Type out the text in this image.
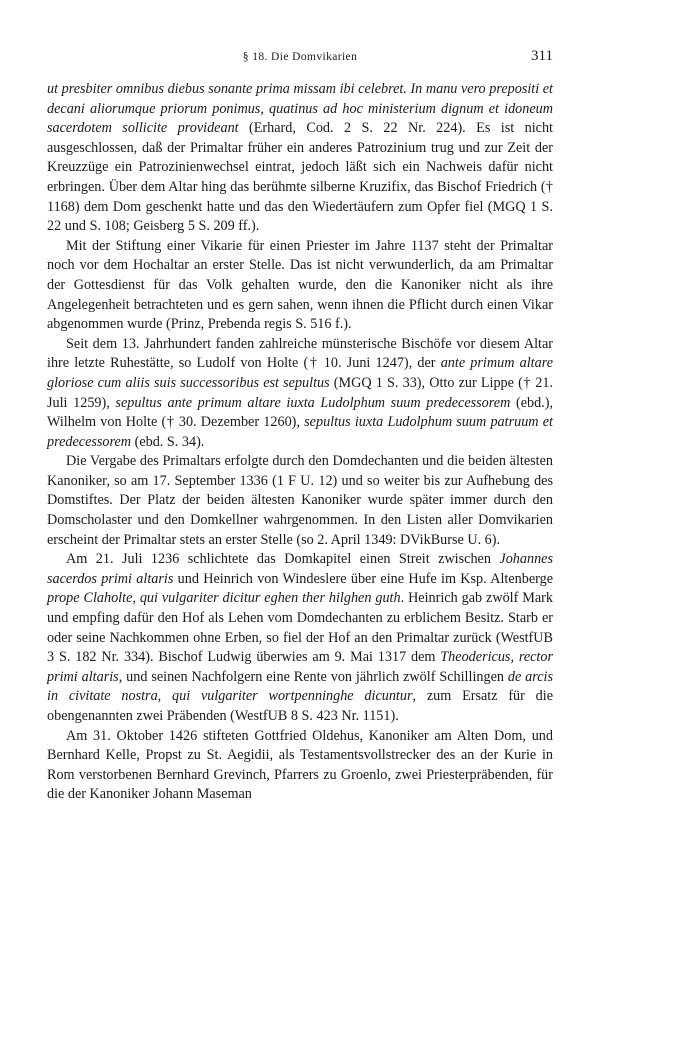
§ 18. Die Domvikarien	311

ut presbiter omnibus diebus sonante prima missam ibi celebret. In manu vero prepositi et decani aliorumque priorum ponimus, quatinus ad hoc ministerium dignum et idoneum sacerdotem sollicite provideant (Erhard, Cod. 2 S. 22 Nr. 224). Es ist nicht ausgeschlossen, daß der Primaltar früher ein anderes Patrozinium trug und zur Zeit der Kreuzzüge ein Patrozinienwechsel eintrat, jedoch läßt sich ein Nachweis dafür nicht erbringen. Über dem Altar hing das berühmte silberne Kruzifix, das Bischof Friedrich († 1168) dem Dom geschenkt hatte und das den Wiedertäufern zum Opfer fiel (MGQ 1 S. 22 und S. 108; Geisberg 5 S. 209 ff.).

Mit der Stiftung einer Vikarie für einen Priester im Jahre 1137 steht der Primaltar noch vor dem Hochaltar an erster Stelle. Das ist nicht verwunderlich, da am Primaltar der Gottesdienst für das Volk gehalten wurde, den die Kanoniker nicht als ihre Angelegenheit betrachteten und es gern sahen, wenn ihnen die Pflicht durch einen Vikar abgenommen wurde (Prinz, Prebenda regis S. 516 f.).

Seit dem 13. Jahrhundert fanden zahlreiche münsterische Bischöfe vor diesem Altar ihre letzte Ruhestätte, so Ludolf von Holte († 10. Juni 1247), der ante primum altare gloriose cum aliis suis successoribus est sepultus (MGQ 1 S. 33), Otto zur Lippe († 21. Juli 1259), sepultus ante primum altare iuxta Ludolphum suum predecessorem (ebd.), Wilhelm von Holte († 30. Dezember 1260), sepultus iuxta Ludolphum suum patruum et predecessorem (ebd. S. 34).

Die Vergabe des Primaltars erfolgte durch den Domdechanten und die beiden ältesten Kanoniker, so am 17. September 1336 (1 F U. 12) und so weiter bis zur Aufhebung des Domstiftes. Der Platz der beiden ältesten Kanoniker wurde später immer durch den Domscholaster und den Domkellner wahrgenommen. In den Listen aller Domvikarien erscheint der Primaltar stets an erster Stelle (so 2. April 1349: DVikBurse U. 6).

Am 21. Juli 1236 schlichtete das Domkapitel einen Streit zwischen Johannes sacerdos primi altaris und Heinrich von Windeslere über eine Hufe im Ksp. Altenberge prope Claholte, qui vulgariter dicitur eghen ther hilghen guth. Heinrich gab zwölf Mark und empfing dafür den Hof als Lehen vom Domdechanten zu erblichem Besitz. Starb er oder seine Nachkommen ohne Erben, so fiel der Hof an den Primaltar zurück (WestfUB 3 S. 182 Nr. 334). Bischof Ludwig überwies am 9. Mai 1317 dem Theodericus, rector primi altaris, und seinen Nachfolgern eine Rente von jährlich zwölf Schillingen de arcis in civitate nostra, qui vulgariter wortpenninghe dicuntur, zum Ersatz für die obengenannten zwei Präbenden (WestfUB 8 S. 423 Nr. 1151).

Am 31. Oktober 1426 stifteten Gottfried Oldehus, Kanoniker am Alten Dom, und Bernhard Kelle, Propst zu St. Aegidii, als Testamentsvollstrecker des an der Kurie in Rom verstorbenen Bernhard Grevinch, Pfarrers zu Groenlo, zwei Priesterpräbenden, für die der Kanoniker Johann Maseman
